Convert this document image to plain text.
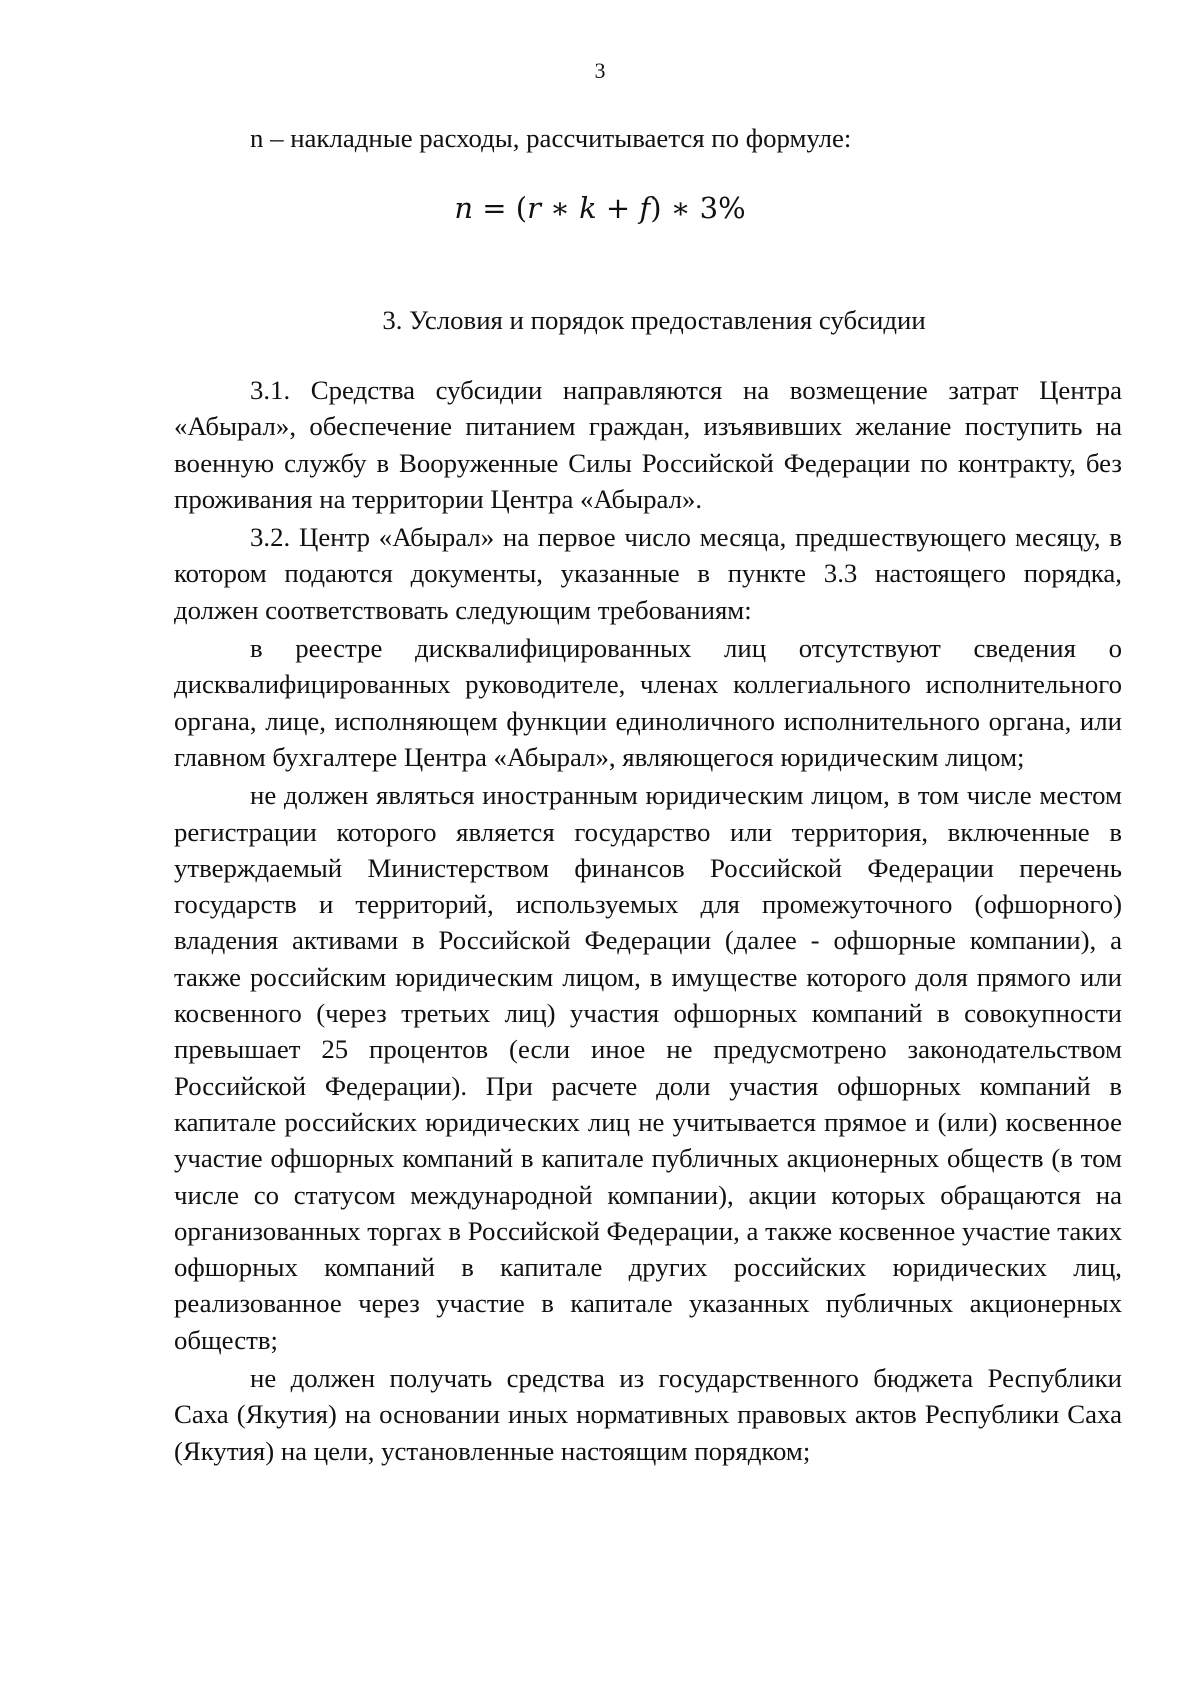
3

n – накладные расходы, рассчитывается по формуле:

n = (r ∗ k + f) ∗ 3%
3. Условия и порядок предоставления субсидии

3.1. Средства субсидии направляются на возмещение затрат Центра «Абырал», обеспечение питанием граждан, изъявивших желание поступить на военную службу в Вооруженные Силы Российской Федерации по контракту, без проживания на территории Центра «Абырал».

3.2. Центр «Абырал» на первое число месяца, предшествующего месяцу, в котором подаются документы, указанные в пункте 3.3 настоящего порядка, должен соответствовать следующим требованиям:

в реестре дисквалифицированных лиц отсутствуют сведения о дисквалифицированных руководителе, членах коллегиального исполнительного органа, лице, исполняющем функции единоличного исполнительного органа, или главном бухгалтере Центра «Абырал», являющегося юридическим лицом;

не должен являться иностранным юридическим лицом, в том числе местом регистрации которого является государство или территория, включенные в утверждаемый Министерством финансов Российской Федерации перечень государств и территорий, используемых для промежуточного (офшорного) владения активами в Российской Федерации (далее - офшорные компании), а также российским юридическим лицом, в имуществе которого доля прямого или косвенного (через третьих лиц) участия офшорных компаний в совокупности превышает 25 процентов (если иное не предусмотрено законодательством Российской Федерации). При расчете доли участия офшорных компаний в капитале российских юридических лиц не учитывается прямое и (или) косвенное участие офшорных компаний в капитале публичных акционерных обществ (в том числе со статусом международной компании), акции которых обращаются на организованных торгах в Российской Федерации, а также косвенное участие таких офшорных компаний в капитале других российских юридических лиц, реализованное через участие в капитале указанных публичных акционерных обществ;

не должен получать средства из государственного бюджета Республики Саха (Якутия) на основании иных нормативных правовых актов Республики Саха (Якутия) на цели, установленные настоящим порядком;
